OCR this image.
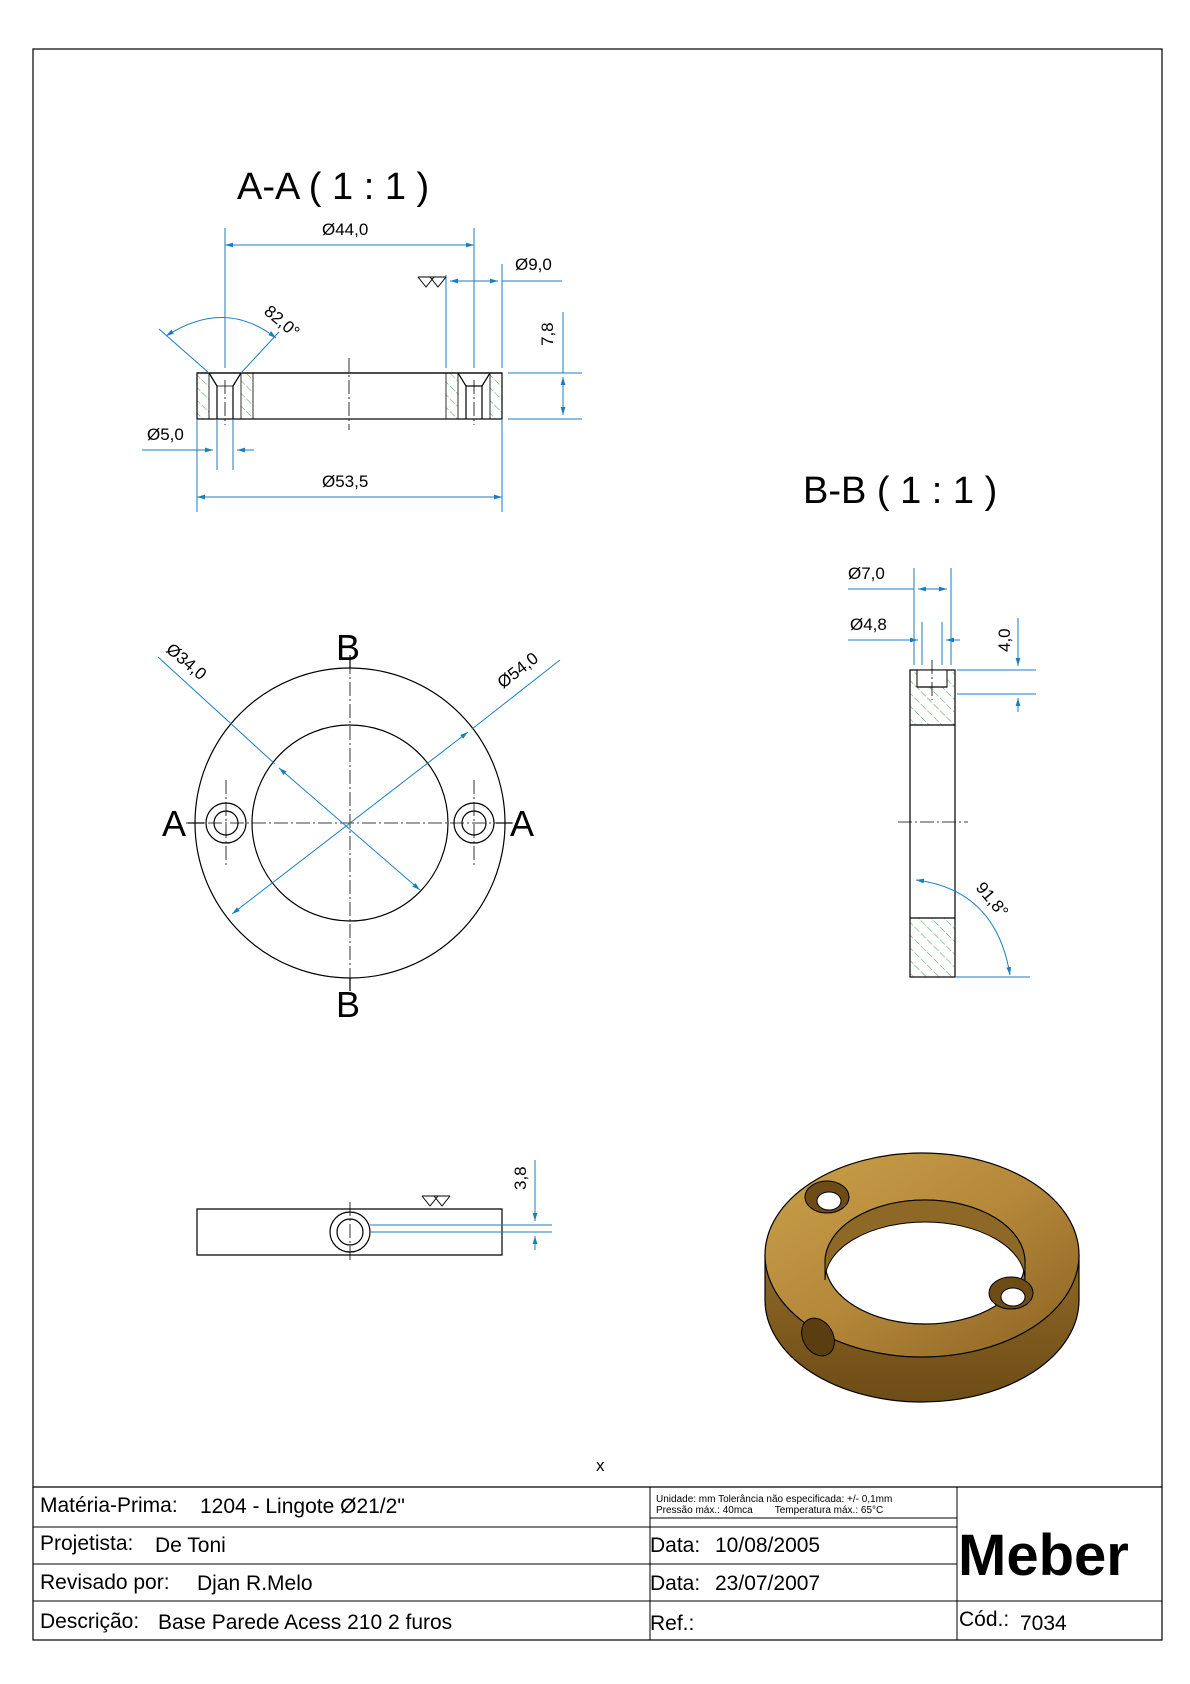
A-A ( 1 : 1 )
Ø44,0
Ø9,0
7,8
82,0°
Ø5,0
Ø53,5	B-B ( 1 : 1 )
Ø7,0
Ø4,8
4,0
91,8°
B
B
A	A
Ø34,0	Ø54,0
3,8
x
Matéria-Prima: 1204 - Lingote Ø21/2"
Projetista: De Toni
Revisado por: Djan R.Melo
Descrição: Base Parede Acess 210 2 furos
Unidade: mm Tolerância não especificada: +/- 0,1mm
Pressão máx.: 40mca        Temperatura máx.: 65°C
Data: 10/08/2005
Data: 23/07/2007
Ref.:
Meber
Cód.: 7034
